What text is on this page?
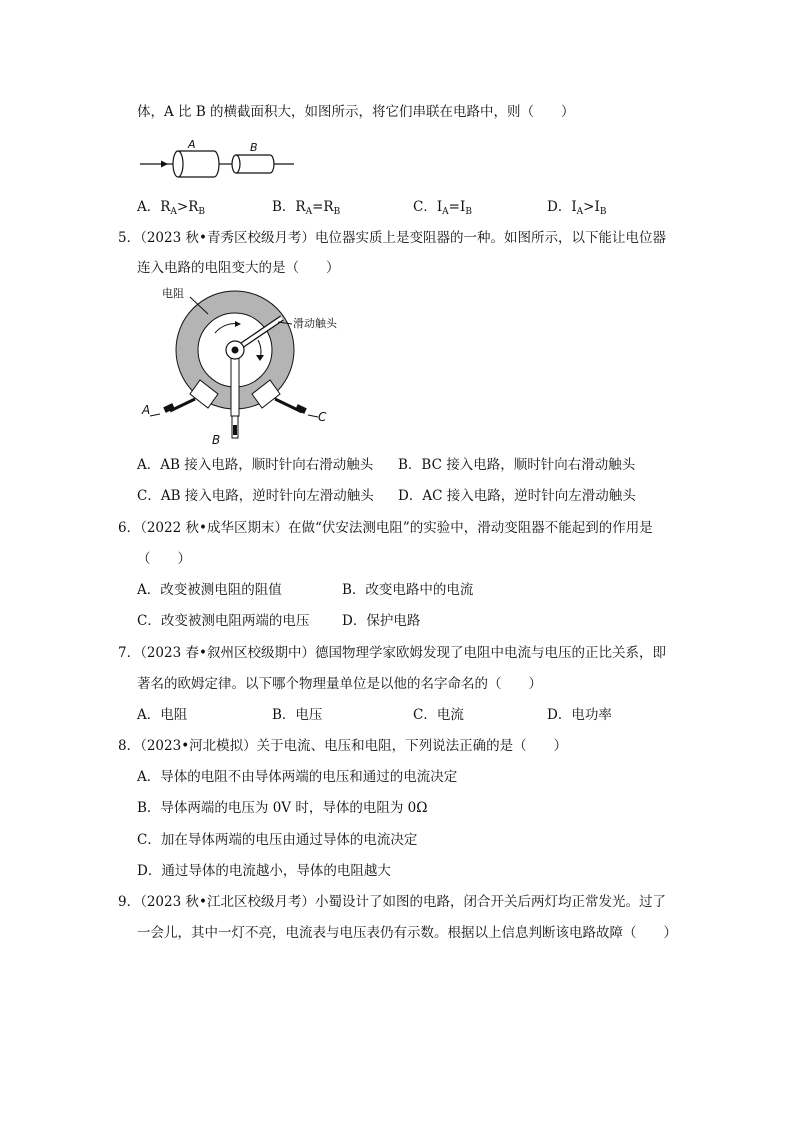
体，A 比 B 的横截面积大，如图所示，将它们串联在电路中，则（　　）
A	B
A．$R_A>R_B$	B．$R_A=R_B$	C．$I_A=I_B$	D．$I_A>I_B$
5．（2023 秋•青秀区校级月考）电位器实质上是变阻器的一种。如图所示，以下能让电位器
连入电路的电阻变大的是（　　）
A	C
B
电阻
滑动触头
A．AB 接入电路，顺时针向右滑动触头 B．BC 接入电路，顺时针向右滑动触头
C．AB 接入电路，逆时针向左滑动触头 D．AC 接入电路，逆时针向左滑动触头
6．（2022 秋•成华区期末）在做“伏安法测电阻”的实验中，滑动变阻器不能起到的作用是
（　　）
A．改变被测电阻的阻值	B．改变电路中的电流
C．改变被测电阻两端的电压 D．保护电路
7．（2023 春•叙州区校级期中）德国物理学家欧姆发现了电阻中电流与电压的正比关系，即
著名的欧姆定律。以下哪个物理量单位是以他的名字命名的（　　）
A．电阻	B．电压	C．电流	D．电功率
8．（2023•河北模拟）关于电流、电压和电阻，下列说法正确的是（　　）
A．导体的电阻不由导体两端的电压和通过的电流决定
B．导体两端的电压为 0V 时，导体的电阻为 0Ω
C．加在导体两端的电压由通过导体的电流决定
D．通过导体的电流越小，导体的电阻越大
9．（2023 秋•江北区校级月考）小蜀设计了如图的电路，闭合开关后两灯均正常发光。过了
一会儿，其中一灯不亮，电流表与电压表仍有示数。根据以上信息判断该电路故障（　　）
